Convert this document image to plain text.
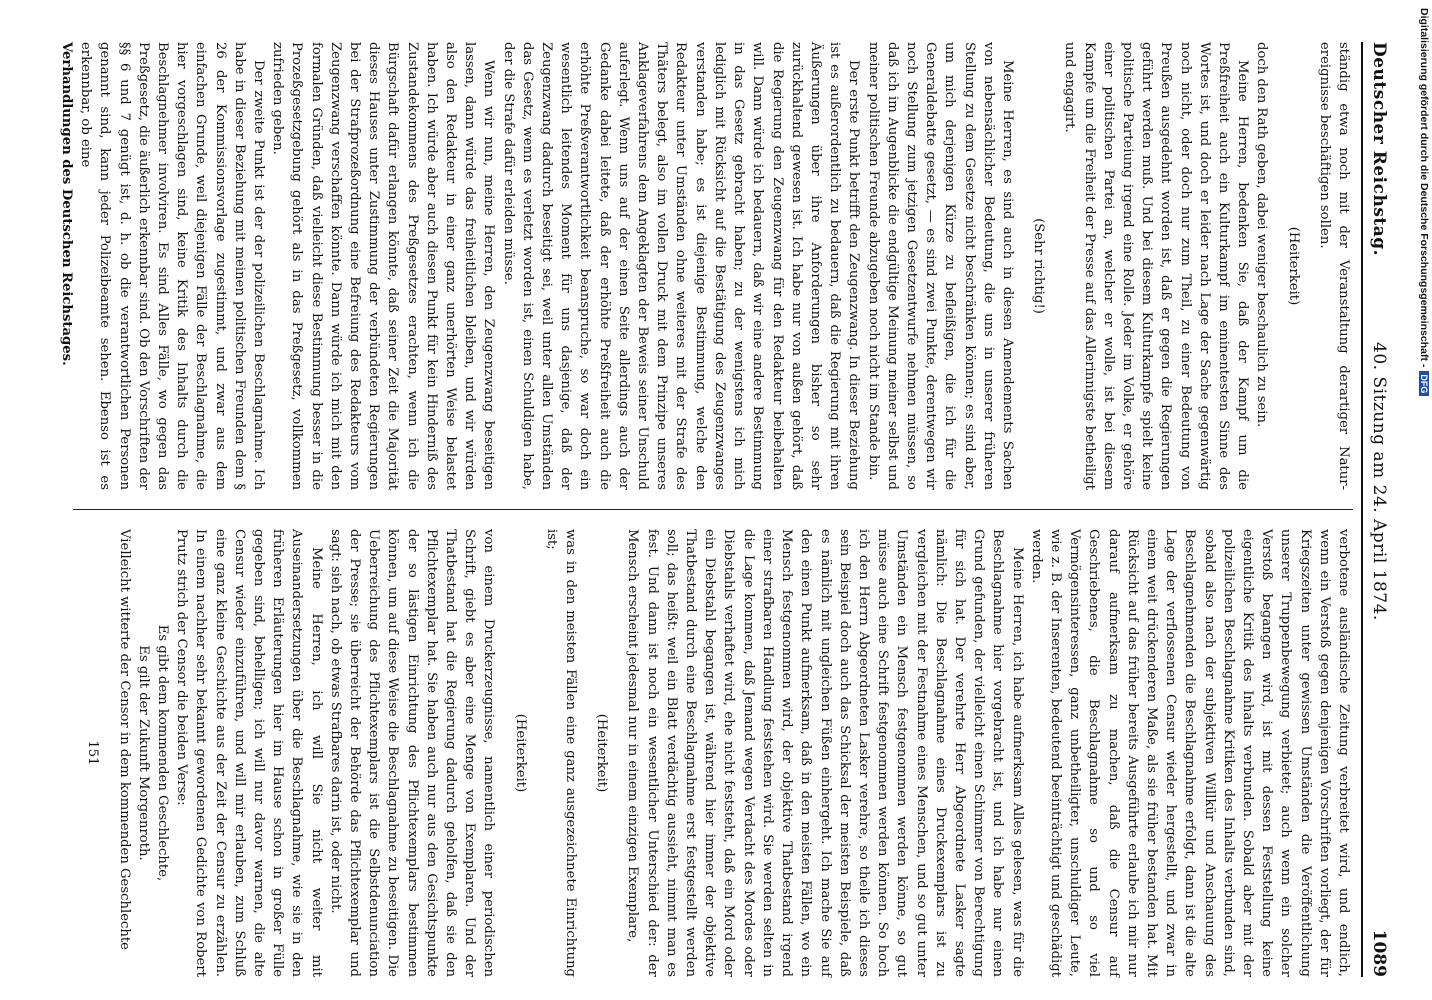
Deutscher Reichstag.
40. Sitzung am 24. April 1874.
1089

ständig etwa noch mit der Veranstaltung derartiger Natur-ereignisse beschäftigen sollen.

(Heiterkeit)

doch den Rath geben, dabei weniger beschaulich zu sein.

Meine Herren, bedenken Sie, daß der Kampf um die Preßfreiheit auch ein Kulturkampf im eminentesten Sinne des Wortes ist, und doch er leider nach Lage der Sache gegenwärtig noch nicht, oder doch nur zum Theil, zu einer Bedeutung von Preußen ausgedehnt worden ist, daß er gegen die Regierungen geführt werden muß. Und bei diesem Kulturkampfe spielt keine politische Parteiung irgend eine Rolle. Jeder im Volke, er gehöre einer politischen Partei an, welcher er wolle, ist bei diesem Kampfe um die Freiheit der Presse auf das Allerinnigste betheiligt und engagirt.

(Sehr richtig!)

Meine Herren, es sind auch in diesen Amendements Sachen von nebensächlicher Bedeutung, die uns in unserer früheren Stellung zu dem Gesetze nicht beschränken können; es sind aber, um mich derjenigen Kürze zu befleißigen, die ich für die Generaldebatte gesetzt, — es sind zwei Punkte, derentwegen wir noch Stellung zum jetzigen Gesetzentwurfe nehmen müssen, so daß ich im Augenblicke die endgültige Meinung meiner selbst und meiner politischen Freunde abzugeben noch nicht im Stande bin.

Der erste Punkt betrifft den Zeugenzwang. In dieser Beziehung ist es außerordentlich zu bedauern, daß die Regierung mit ihren Äußerungen über ihre Anforderungen bisher so sehr zurückhaltend gewesen ist. Ich habe nur von außen gehört, daß die Regierung den Zeugenzwang für den Redakteur beibehalten will. Dann würde ich bedauern, daß wir eine andere Bestimmung in das Gesetz gebracht haben; zu der wenigstens ich mich lediglich mit Rücksicht auf die Bestätigung des Zeugenzwanges verstanden habe; es ist diejenige Bestimmung, welche den Redakteur unter Umständen ohne weiteres mit der Strafe des Thäters belegt, also im vollen Druck mit dem Prinzipe unseres Anklageverfahrens dem Angeklagten der Beweis seiner Unschuld auferlegt. Wenn uns auf der einen Seite allerdings auch der Gedanke dabei leitete, daß der erhöhte Preßfreiheit auch die erhöhte Preßverantwortlichkeit beanspruche, so war doch ein wesentlich leitendes Moment für uns dasjenige, daß der Zeugenzwang dadurch beseitigt sei, weil unter allen Umständen das Gesetz, wenn es verletzt worden ist, einen Schuldigen habe, der die Strafe dafür erleiden müsse.

Wenn wir nun, meine Herren, den Zeugenzwang beseitigen lassen, dann würde das freiheitlichen bleiben, und wir würden also den Redakteur in einer ganz unerhörten Weise belastet haben. Ich würde aber auch diesen Punkt für kein Hinderniß des Zustandekommens des Preßgesetzes erachten, wenn ich die Bürgschaft dafür erlangen könnte, daß seiner Zeit die Majorität dieses Hauses unter Zustimmung der verbündeten Regierungen bei der Strafprozeßordnung eine Befreiung des Redakteurs vom Zeugenzwang verschaffen könnte. Dann würde ich mich mit den formalen Gründen, daß vielleicht diese Bestimmung besser in die Prozeßgesetzgebung gehört als in das Preßgesetz, vollkommen zufrieden geben.

Der zweite Punkt ist der der polizeilichen Beschlagnahme. Ich habe in dieser Beziehung mit meinen politischen Freunden dem § 26 der Kommissionsvorlage zugestimmt, und zwar aus dem einfachen Grunde, weil diejenigen Fälle der Beschlagnahme, die hier vorgeschlagen sind, keine Kritik des Inhalts durch die Beschlagnehmer involviren. Es sind Alles Fälle, wo gegen das Preßgesetz, die äußerlich erkennbar sind. Ob den Vorschriften der §§ 6 und 7 genügt ist, d. h. ob die verantwortlichen Personen genannt sind, kann jeder Polizeibeamte sehen. Ebenso ist es erkennbar, ob eine

Verhandlungen des Deutschen Reichstages.

verbotene ausländische Zeitung verbreitet wird, und endlich, wenn ein Verstoß gegen denjenigen Vorschriften vorliegt, der für Kriegszeiten unter gewissen Umständen die Veröffentlichung unserer Truppenbewegung verbietet; auch wenn ein solcher Verstoß begangen wird, ist mit dessen Feststellung keine eigentliche Kritik des Inhalts verbunden. Sobald aber mit der polizeilichen Beschlagnahme Kritiken des Inhalts verbunden sind, sobald also nach der subjektiven Willkür und Anschauung des Beschlagnehmenden die Beschlagnahme erfolgt, dann ist die alte Lage der verflossenen Censur wieder hergestellt, und zwar in einem weit drückenderen Maße, als sie früher bestanden hat. Mit Rücksicht auf das früher bereits Ausgeführte erlaube ich mir nur darauf aufmerksam zu machen, daß die Censur auf Geschriebenes, die Beschlagnahme so und so viel Vermögensinteressen, ganz unbetheiligter, unschuldiger Leute, wie z. B. der Inserenten, bedeutend beeinträchtigt und geschädigt werden.

Meine Herren, ich habe aufmerksam Alles gelesen, was für die Beschlagnahme hier vorgebracht ist, und ich habe nur einen Grund gefunden, der vielleicht einen Schimmer von Berechtigung für sich hat. Der verehrte Herr Abgeordnete Lasker sagte nämlich: Die Beschlagnahme eines Druckexemplars ist zu vergleichen mit der Festnahme eines Menschen, und so gut unter Umständen ein Mensch festgenommen werden könne, so gut müsse auch eine Schrift festgenommen werden können. So hoch ich den Herrn Abgeordneten Lasker verehre, so theile ich dieses sein Beispiel doch auch das Schicksal der meisten Beispiele, daß es nämlich mit ungleichen Füßen einhergeht. Ich mache Sie auf den einen Punkt aufmerksam, daß in den meisten Fällen, wo ein Mensch festgenommen wird, der objektive Thatbestand irgend einer strafbaren Handlung feststehen wird. Sie werden selten in die Lage kommen, daß Jemand wegen Verdacht des Mordes oder Diebstahls verhaftet wird, ehe nicht feststeht, daß ein Mord oder ein Diebstahl begangen ist, während hier immer der objektive Thatbestand durch eine Beschlagnahme erst festgestellt werden soll; das heißt: weil ein Blatt verdächtig aussieht, nimmt man es fest. Und dann ist noch ein wesentlicher Unterschied der: der Mensch erscheint jedesmal nur in einem einzigen Exemplare,

(Heiterkeit)

was in den meisten Fällen eine ganz ausgezeichnete Einrichtung ist;

(Heiterkeit)

von einem Druckerzeugnisse, namentlich einer periodischen Schrift, giebt es aber eine Menge von Exemplaren. Und der Thatbestand hat die Regierung dadurch geholfen, daß sie den Pflichtexemplar hat. Sie haben auch nur aus den Gesichtspunkte der so lästigen Einrichtung des Pflichtexemplars bestimmen können, um auf diese Weise die Beschlagnahme zu beseitigen. Die Ueberreichung des Pflichtexemplars ist die Selbstdenunciation der Presse; sie überreicht der Behörde das Pflichtexemplar und sagt: sieh nach, ob etwas Strafbares darin ist, oder nicht.

Meine Herren, ich will Sie nicht weiter mit Auseinandersetzungen über die Beschlagnahme, wie sie in den früheren Erläuterungen hier im Hause schon in großer Fülle gegeben sind, behelligen; ich will nur davor warnen, die alte Censur wieder einzuführen, und will mir erlauben, zum Schluß eine ganz kleine Geschichte aus der Zeit der Censur zu erzählen. In einem nachher sehr bekannt gewordenen Gedichte von Robert Prutz strich der Censor die beiden Verse:

Es gibt dem kommenden Geschlechte,

Es gilt der Zukunft Morgenroth.

Vielleicht witterte der Censor in dem kommenden Geschlechte

151

Digitalisierung gefördert durch die Deutsche Forschungsgemeinschaft -DFG
